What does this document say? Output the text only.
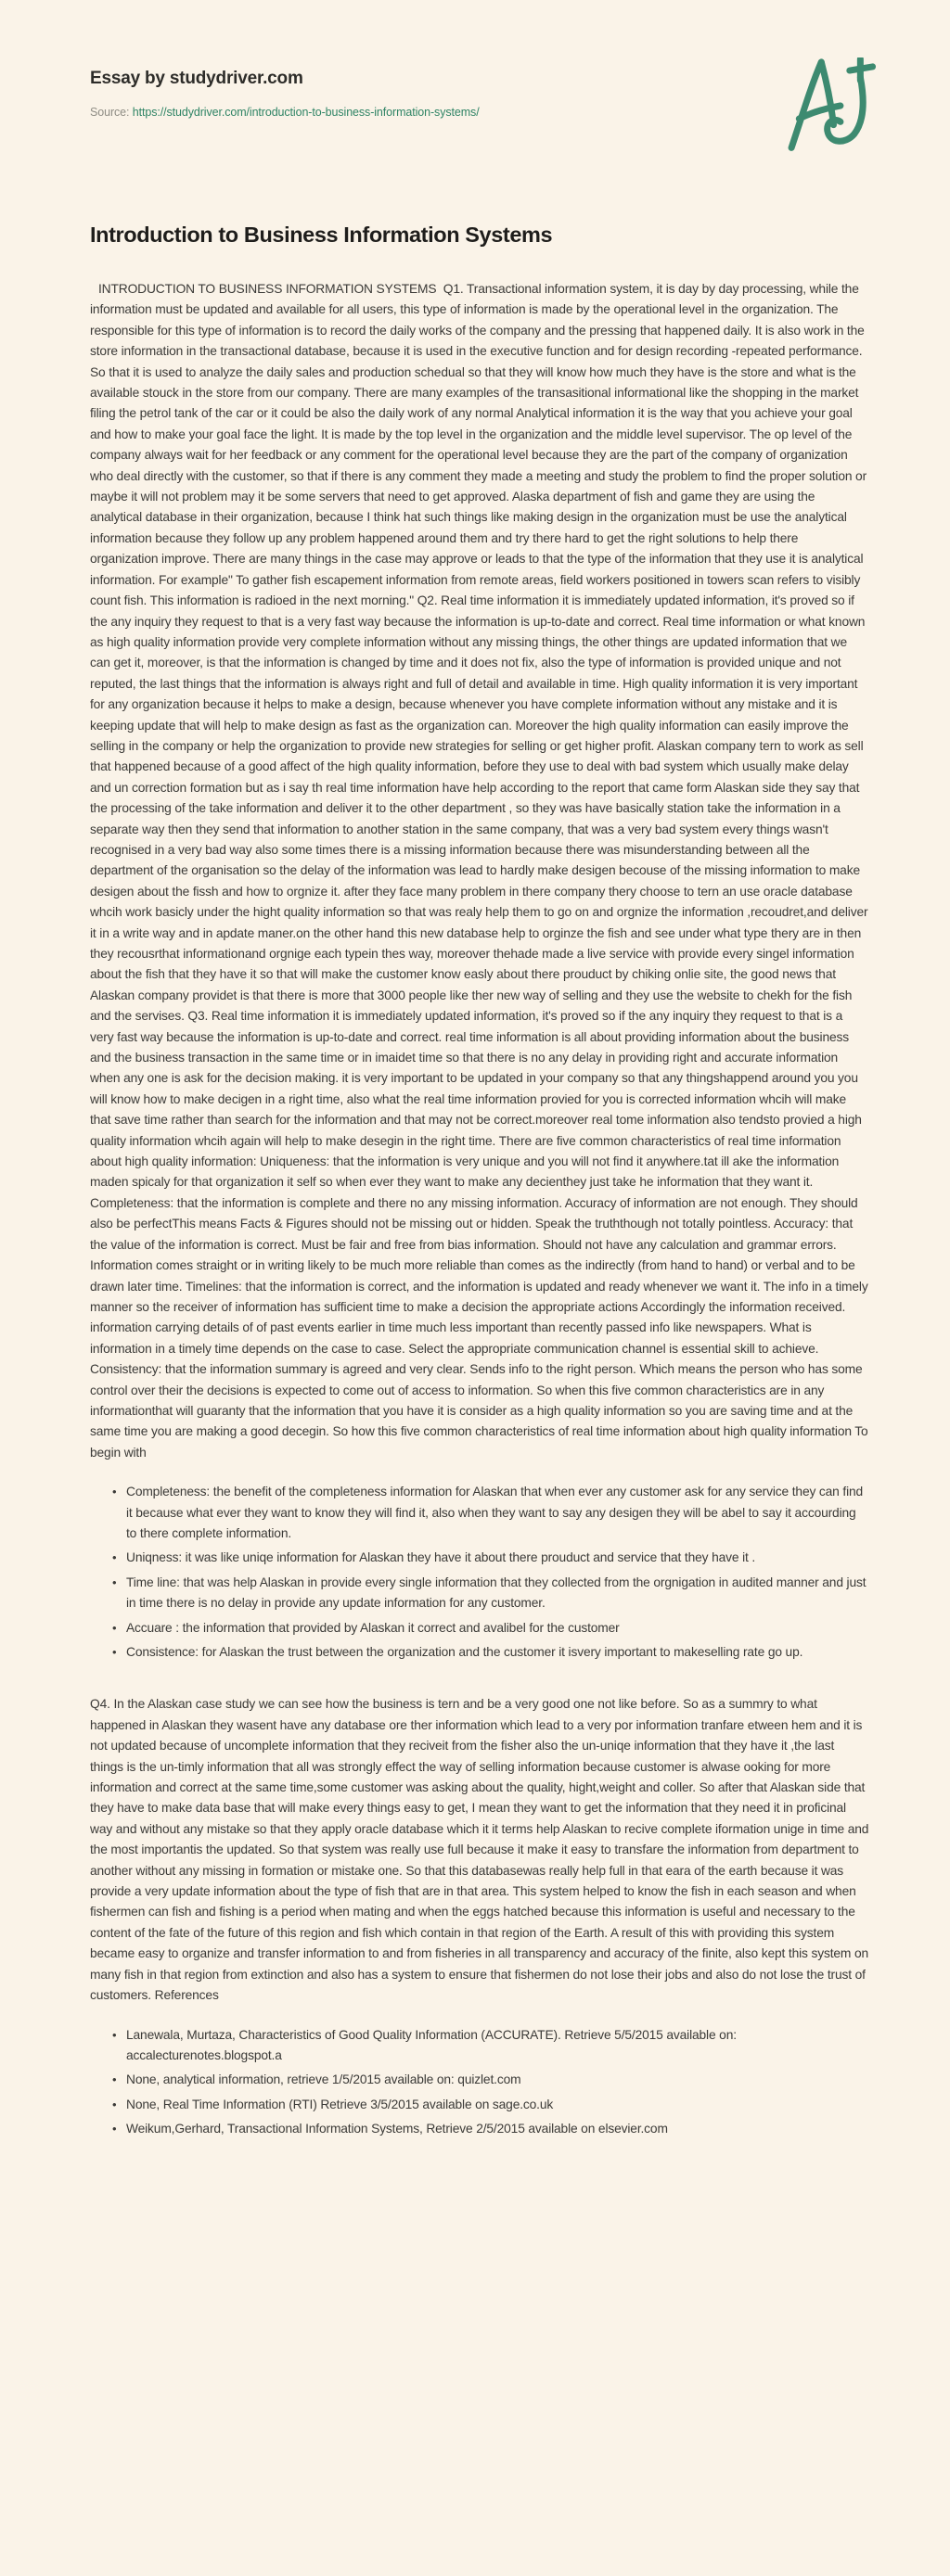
Essay by studydriver.com

Source: https://studydriver.com/introduction-to-business-information-systems/

Introduction to Business Information Systems

INTRODUCTION TO BUSINESS INFORMATION SYSTEMS  Q1. Transactional information system, it is day by day processing, while the information must be updated and available for all users, this type of information is made by the operational level in the organization. The responsible for this type of information is to record the daily works of the company and the pressing that happened daily. It is also work in the store information in the transactional database, because it is used in the executive function and for design recording -repeated performance. So that it is used to analyze the daily sales and production schedual so that they will know how much they have is the store and what is the available stouck in the store from our company. There are many examples of the transasitional informational like the shopping in the market filing the petrol tank of the car or it could be also the daily work of any normal Analytical information it is the way that you achieve your goal and how to make your goal face the light. It is made by the top level in the organization and the middle level supervisor. The op level of the company always wait for her feedback or any comment for the operational level because they are the part of the company of organization who deal directly with the customer, so that if there is any comment they made a meeting and study the problem to find the proper solution or maybe it will not problem may it be some servers that need to get approved. Alaska department of fish and game they are using the analytical database in their organization, because I think hat such things like making design in the organization must be use the analytical information because they follow up any problem happened around them and try there hard to get the right solutions to help there organization improve. There are many things in the case may approve or leads to that the type of the information that they use it is analytical information. For example" To gather fish escapement information from remote areas, field workers positioned in towers scan refers to visibly count fish. This information is radioed in the next morning." Q2. Real time information it is immediately updated information, it's proved so if the any inquiry they request to that is a very fast way because the information is up-to-date and correct. Real time information or what known as high quality information provide very complete information without any missing things, the other things are updated information that we can get it, moreover, is that the information is changed by time and it does not fix, also the type of information is provided unique and not reputed, the last things that the information is always right and full of detail and available in time. High quality information it is very important for any organization because it helps to make a design, because whenever you have complete information without any mistake and it is keeping update that will help to make design as fast as the organization can. Moreover the high quality information can easily improve the selling in the company or help the organization to provide new strategies for selling or get higher profit. Alaskan company tern to work as sell that happened because of a good affect of the high quality information, before they use to deal with bad system which usually make delay and un correction formation but as i say th real time information have help according to the report that came form Alaskan side they say that the processing of the take information and deliver it to the other department , so they was have basically station take the information in a separate way then they send that information to another station in the same company, that was a very bad system every things wasn't recognised in a very bad way also some times there is a missing information because there was misunderstanding between all the department of the organisation so the delay of the information was lead to hardly make desigen becouse of the missing information to make desigen about the fissh and how to orgnize it. after they face many problem in there company thery choose to tern an use oracle database whcih work basicly under the hight quality information so that was realy help them to go on and orgnize the information ,recoudret,and deliver it in a write way and in apdate maner.on the other hand this new database help to orginze the fish and see under what type thery are in then they recousrthat informationand orgnige each typein thes way, moreover thehade made a live service with provide every singel information about the fish that they have it so that will make the customer know easly about there prouduct by chiking onlie site, the good news that Alaskan company providet is that there is more that 3000 people like ther new way of selling and they use the website to chekh for the fish and the servises. Q3. Real time information it is immediately updated information, it's proved so if the any inquiry they request to that is a very fast way because the information is up-to-date and correct. real time information is all about providing information about the business and the business transaction in the same time or in imaidet time so that there is no any delay in providing right and accurate information when any one is ask for the decision making. it is very important to be updated in your company so that any thingshappend around you you will know how to make decigen in a right time, also what the real time information provied for you is corrected information whcih will make that save time rather than search for the information and that may not be correct.moreover real tome information also tendsto provied a high quality information whcih again will help to make desegin in the right time. There are five common characteristics of real time information about high quality information: Uniqueness: that the information is very unique and you will not find it anywhere.tat ill ake the information maden spicaly for that organization it self so when ever they want to make any decienthey just take he information that they want it. Completeness: that the information is complete and there no any missing information. Accuracy of information are not enough. They should also be perfectThis means Facts & Figures should not be missing out or hidden. Speak the truththough not totally pointless. Accuracy: that the value of the information is correct. Must be fair and free from bias information. Should not have any calculation and grammar errors. Information comes straight or in writing likely to be much more reliable than comes as the indirectly (from hand to hand) or verbal and to be drawn later time. Timelines: that the information is correct, and the information is updated and ready whenever we want it. The info in a timely manner so the receiver of information has sufficient time to make a decision the appropriate actions Accordingly the information received. information carrying details of of past events earlier in time much less important than recently passed info like newspapers. What is information in a timely time depends on the case to case. Select the appropriate communication channel is essential skill to achieve. Consistency: that the information summary is agreed and very clear. Sends info to the right person. Which means the person who has some control over their the decisions is expected to come out of access to information. So when this five common characteristics are in any informationthat will guaranty that the information that you have it is consider as a high quality information so you are saving time and at the same time you are making a good decegin. So how this five common characteristics of real time information about high quality information To begin with

• Completeness: the benefit of the completeness information for Alaskan that when ever any customer ask for any service they can find it because what ever they want to know they will find it, also when they want to say any desigen they will be abel to say it accourding to there complete information.
• Uniqness: it was like uniqe information for Alaskan they have it about there prouduct and service that they have it .
• Time line: that was help Alaskan in provide every single information that they collected from the orgnigation in audited manner and just in time there is no delay in provide any update information for any customer.
• Accuare : the information that provided by Alaskan it correct and avalibel for the customer
• Consistence: for Alaskan the trust between the organization and the customer it isvery important to makeselling rate go up.

Q4. In the Alaskan case study we can see how the business is tern and be a very good one not like before. So as a summry to what happened in Alaskan they wasent have any database ore ther information which lead to a very por information tranfare etween hem and it is not updated because of uncomplete information that they reciveit from the fisher also the un-uniqe information that they have it ,the last things is the un-timly information that all was strongly effect the way of selling information because customer is alwase ooking for more information and correct at the same time,some customer was asking about the quality, hight,weight and coller. So after that Alaskan side that they have to make data base that will make every things easy to get, I mean they want to get the information that they need it in proficinal way and without any mistake so that they apply oracle database which it it terms help Alaskan to recive complete iformation unige in time and the most importantis the updated. So that system was really use full because it make it easy to transfare the information from department to another without any missing in formation or mistake one. So that this databasewas really help full in that eara of the earth because it was provide a very update information about the type of fish that are in that area. This system helped to know the fish in each season and when fishermen can fish and fishing is a period when mating and when the eggs hatched because this information is useful and necessary to the content of the fate of the future of this region and fish which contain in that region of the Earth. A result of this with providing this system became easy to organize and transfer information to and from fisheries in all transparency and accuracy of the finite, also kept this system on many fish in that region from extinction and also has a system to ensure that fishermen do not lose their jobs and also do not lose the trust of customers. References

• Lanewala, Murtaza, Characteristics of Good Quality Information (ACCURATE). Retrieve 5/5/2015 available on: accalecturenotes.blogspot.a
• None, analytical information, retrieve 1/5/2015 available on: quizlet.com
• None, Real Time Information (RTI) Retrieve 3/5/2015 available on sage.co.uk
• Weikum,Gerhard, Transactional Information Systems, Retrieve 2/5/2015 available on elsevier.com
